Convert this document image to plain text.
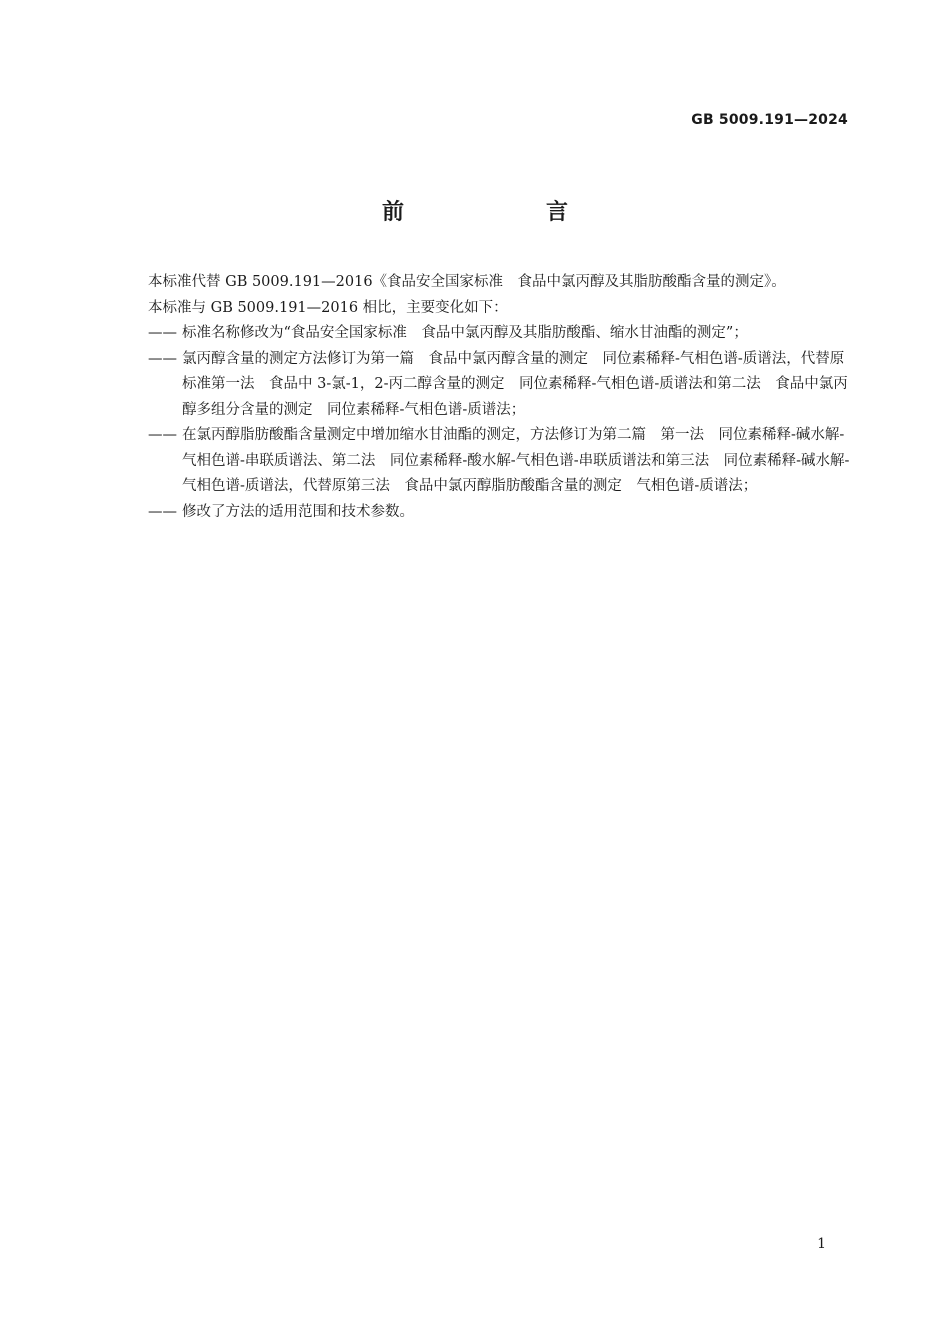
GB 5009.191—2024
前　言

本标准代替 GB 5009.191—2016《食品安全国家标准　食品中氯丙醇及其脂肪酸酯含量的测定》。

本标准与 GB 5009.191—2016 相比，主要变化如下：

—— 标准名称修改为“食品安全国家标准　食品中氯丙醇及其脂肪酸酯、缩水甘油酯的测定”；

—— 氯丙醇含量的测定方法修订为第一篇　食品中氯丙醇含量的测定　同位素稀释-气相色谱-质谱法，代替原标准第一法　食品中 3-氯-1，2-丙二醇含量的测定　同位素稀释-气相色谱-质谱法和第二法　食品中氯丙醇多组分含量的测定　同位素稀释-气相色谱-质谱法；

—— 在氯丙醇脂肪酸酯含量测定中增加缩水甘油酯的测定，方法修订为第二篇　第一法　同位素稀释-碱水解-气相色谱-串联质谱法、第二法　同位素稀释-酸水解-气相色谱-串联质谱法和第三法　同位素稀释-碱水解-气相色谱-质谱法，代替原第三法　食品中氯丙醇脂肪酸酯含量的测定　气相色谱-质谱法；

—— 修改了方法的适用范围和技术参数。

1
